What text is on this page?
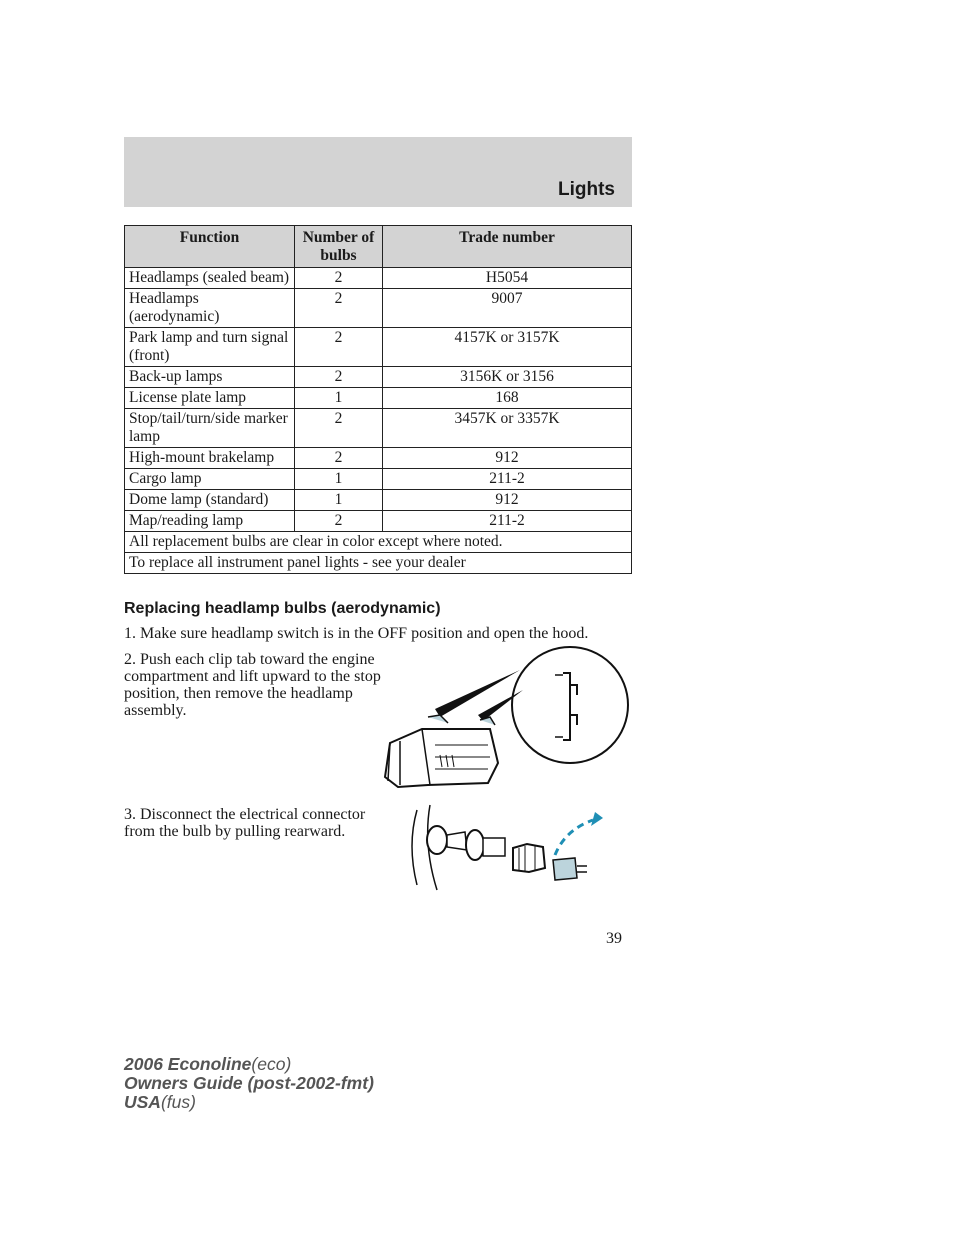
Lights
Function	Number of bulbs	Trade number
Headlamps (sealed beam)	2	H5054
Headlamps (aerodynamic)	2	9007
Park lamp and turn signal (front)	2	4157K or 3157K
Back-up lamps	2	3156K or 3156
License plate lamp	1	168
Stop/tail/turn/side marker lamp	2	3457K or 3357K
High-mount brakelamp	2	912
Cargo lamp	1	211-2
Dome lamp (standard)	1	912
Map/reading lamp	2	211-2
All replacement bulbs are clear in color except where noted.		
To replace all instrument panel lights - see your dealer		
Replacing headlamp bulbs (aerodynamic)
1. Make sure headlamp switch is in the OFF position and open the hood.
2. Push each clip tab toward the engine compartment and lift upward to the stop position, then remove the headlamp assembly.
3. Disconnect the electrical connector from the bulb by pulling rearward.
39
2006 Econoline(eco)
Owners Guide (post-2002-fmt)
USA(fus)
